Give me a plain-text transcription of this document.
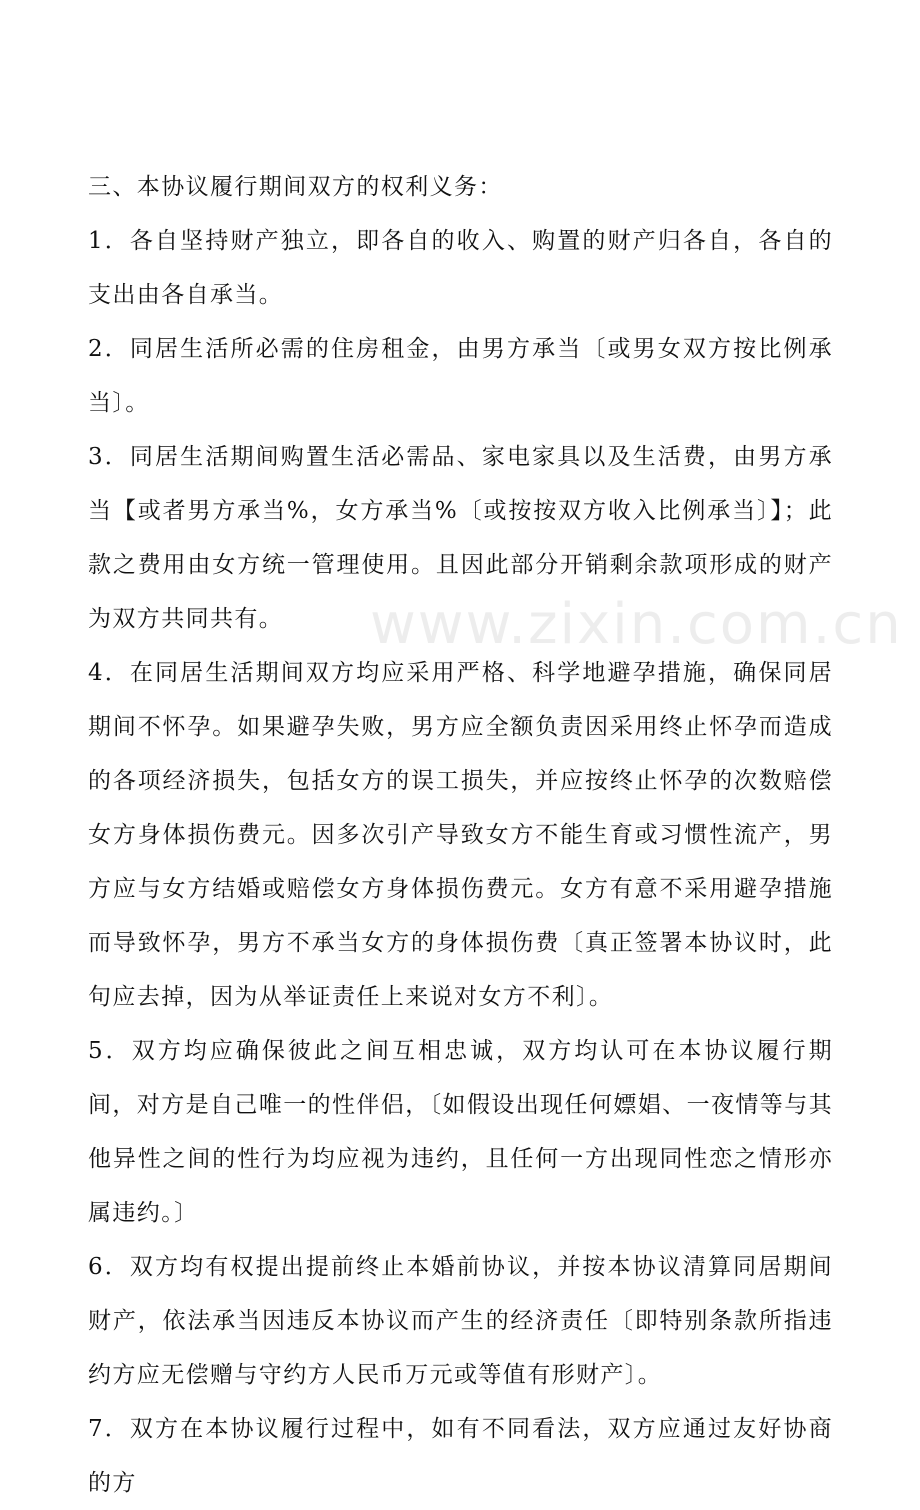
三、本协议履行期间双方的权利义务：

1．各自坚持财产独立，即各自的收入、购置的财产归各自，各自的支出由各自承当。

2．同居生活所必需的住房租金，由男方承当〔或男女双方按比例承当〕。

3．同居生活期间购置生活必需品、家电家具以及生活费，由男方承当【或者男方承当%，女方承当%〔或按按双方收入比例承当〕】；此款之费用由女方统一管理使用。且因此部分开销剩余款项形成的财产为双方共同共有。

4．在同居生活期间双方均应采用严格、科学地避孕措施，确保同居期间不怀孕。如果避孕失败，男方应全额负责因采用终止怀孕而造成的各项经济损失，包括女方的误工损失，并应按终止怀孕的次数赔偿女方身体损伤费元。因多次引产导致女方不能生育或习惯性流产，男方应与女方结婚或赔偿女方身体损伤费元。女方有意不采用避孕措施而导致怀孕，男方不承当女方的身体损伤费〔真正签署本协议时，此句应去掉，因为从举证责任上来说对女方不利〕。

5．双方均应确保彼此之间互相忠诚，双方均认可在本协议履行期间，对方是自己唯一的性伴侣，〔如假设出现任何嫖娼、一夜情等与其他异性之间的性行为均应视为违约，且任何一方出现同性恋之情形亦属违约。〕

6．双方均有权提出提前终止本婚前协议，并按本协议清算同居期间财产，依法承当因违反本协议而产生的经济责任〔即特别条款所指违约方应无偿赠与守约方人民币万元或等值有形财产〕。

7．双方在本协议履行过程中，如有不同看法，双方应通过友好协商的方

www.zixin.com.cn
